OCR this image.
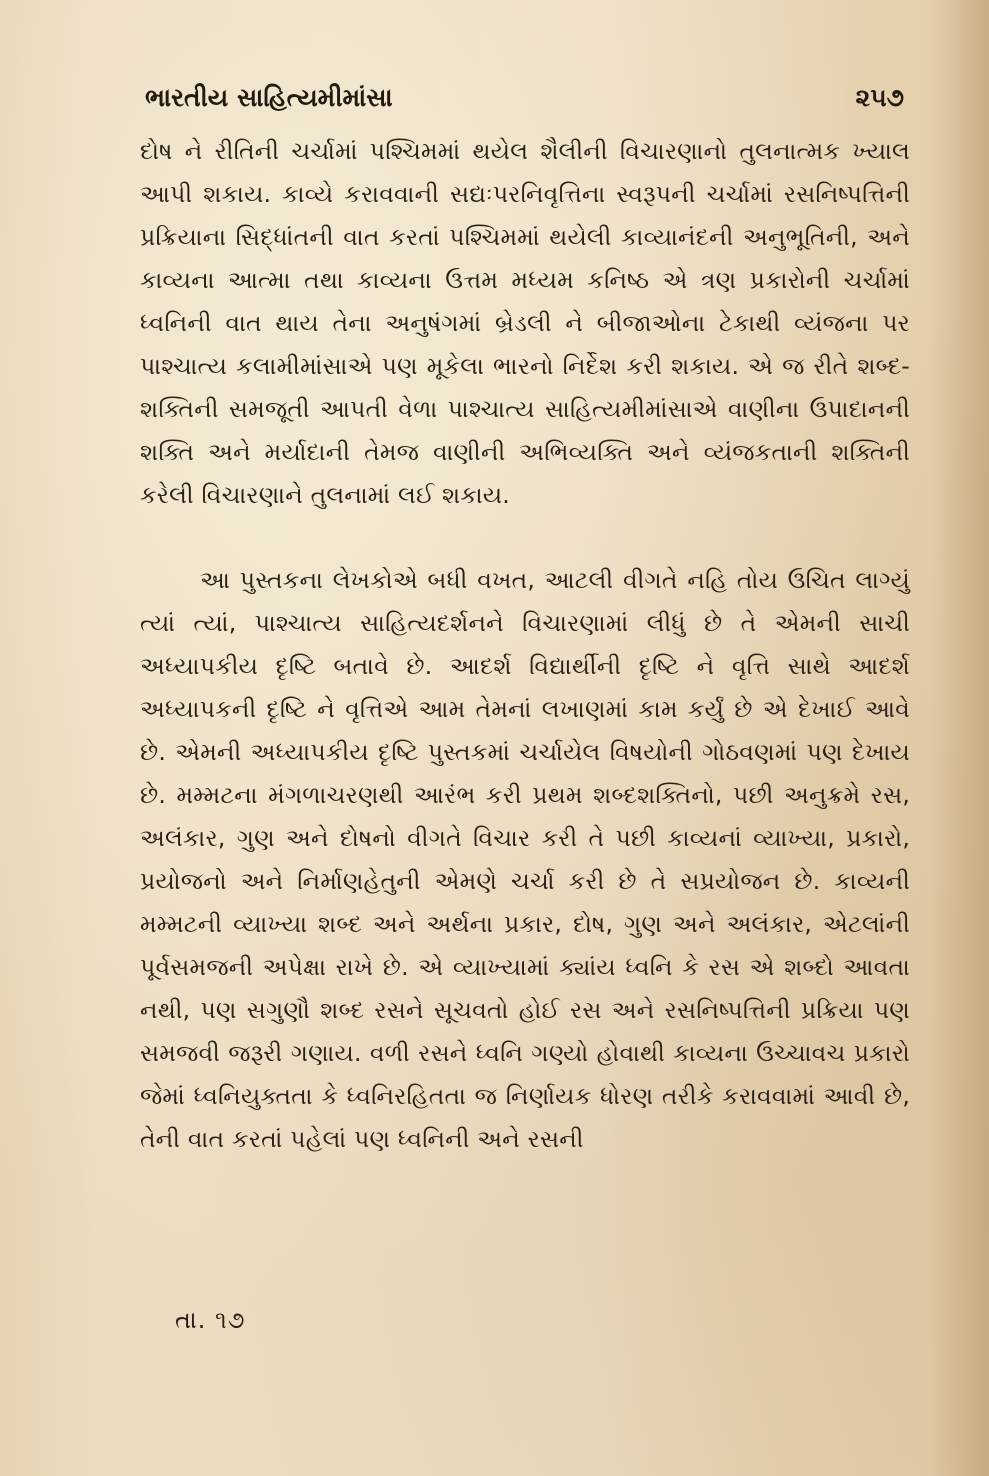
ભારતીય સાહિત્યમીમાંસા	૨૫૭

દોષ ને રીતિની ચર્ચામાં પશ્ચિમમાં થયેલ શૈલીની વિચારણાનો તુલનાત્મક ખ્યાલ આપી શકાય. કાવ્યે કરાવવાની સદ્યઃપરનિવૃત્તિના સ્વરૂપની ચર્ચામાં રસનિષ્પત્તિની પ્રક્રિયાના સિદ્ધાંતની વાત કરતાં પશ્ચિમમાં થયેલી કાવ્યાનંદની અનુભૂતિની, અને કાવ્યના આત્મા તથા કાવ્યના ઉત્તમ મધ્યમ કનિષ્ઠ એ ત્રણ પ્રકારોની ચર્ચામાં ધ્વનિની વાત થાય તેના અનુષંગમાં બ્રેડલી ને બીજાઓના ટેકાથી વ્યંજના પર પાશ્ચાત્ય કલામીમાંસાએ પણ મૂકેલા ભારનો નિર્દેશ કરી શકાય. એ જ રીતે શબ્દ-શક્તિની સમજૂતી આપતી વેળા પાશ્ચાત્ય સાહિત્યમીમાંસાએ વાણીના ઉપાદાનની શક્તિ અને મર્યાદાની તેમજ વાણીની અભિવ્યક્તિ અને વ્યંજકતાની શક્તિની કરેલી વિચારણાને તુલનામાં લઈ શકાય.

આ પુસ્તકના લેખકોએ બધી વખત, આટલી વીગતે નહિ તોય ઉચિત લાગ્યું ત્યાં ત્યાં, પાશ્ચાત્ય સાહિત્યદર્શનને વિચારણામાં લીધું છે તે એમની સાચી અધ્યાપકીય દૃષ્ટિ બતાવે છે. આદર્શ વિદ્યાર્થીની દૃષ્ટિ ને વૃત્તિ સાથે આદર્શ અધ્યાપકની દૃષ્ટિ ને વૃત્તિએ આમ તેમનાં લખાણમાં કામ કર્યું છે એ દેખાઈ આવે છે. એમની અધ્યાપકીય દૃષ્ટિ પુસ્તકમાં ચર્ચાયેલ વિષયોની ગોઠવણમાં પણ દેખાય છે. મમ્મટના મંગળાચરણથી આરંભ કરી પ્રથમ શબ્દશક્તિનો, પછી અનુક્રમે રસ, અલંકાર, ગુણ અને દોષનો વીગતે વિચાર કરી તે પછી કાવ્યનાં વ્યાખ્યા, પ્રકારો, પ્રયોજનો અને નિર્માણહેતુની એમણે ચર્ચા કરી છે તે સપ્રયોજન છે. કાવ્યની મમ્મટની વ્યાખ્યા શબ્દ અને અર્થના પ્રકાર, દોષ, ગુણ અને અલંકાર, એટલાંની પૂર્વસમજની અપેક્ષા રાખે છે. એ વ્યાખ્યામાં ક્યાંય ધ્વનિ કે રસ એ શબ્દો આવતા નથી, પણ સગુણૌ શબ્દ રસને સૂચવતો હોઈ રસ અને રસનિષ્પત્તિની પ્રક્રિયા પણ સમજવી જરૂરી ગણાય. વળી રસને ધ્વનિ ગણ્યો હોવાથી કાવ્યના ઉચ્ચાવચ પ્રકારો જેમાં ધ્વનિયુક્તતા કે ધ્વનિરહિતતા જ નિર્ણાયક ધોરણ તરીકે કરાવવામાં આવી છે, તેની વાત કરતાં પહેલાં પણ ધ્વનિની અને રસની

તા. ૧૭
